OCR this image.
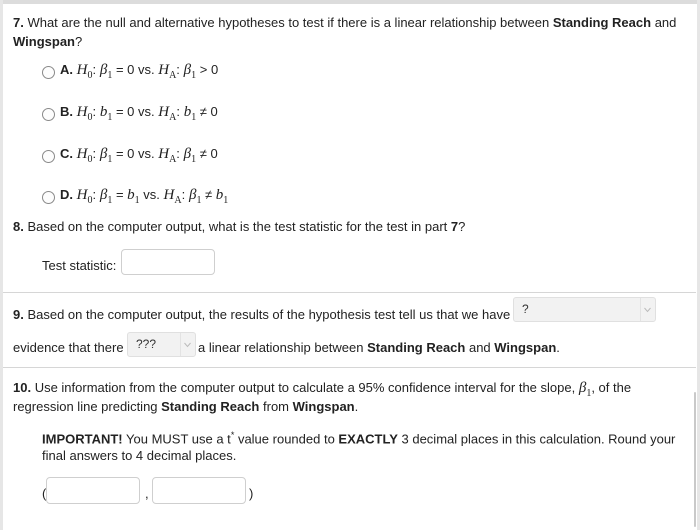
7. What are the null and alternative hypotheses to test if there is a linear relationship between Standing Reach and
Wingspan?
A. $H_0$: $\beta_1 = 0$ vs. $H_A$: $\beta_1 > 0$
B. $H_0$: $b_1 = 0$ vs. $H_A$: $b_1 \ne 0$
C. $H_0$: $\beta_1 = 0$ vs. $H_A$: $\beta_1 \ne 0$
D. $H_0$: $\beta_1 = b_1$ vs. $H_A$: $\beta_1 \ne b_1$
8. Based on the computer output, what is the test statistic for the test in part 7?
Test statistic:
9. Based on the computer output, the results of the hypothesis test tell us that we have ?
evidence that there ???	a linear relationship between Standing Reach and Wingspan.
10. Use information from the computer output to calculate a 95% confidence interval for the slope, $\beta_1$, of the
regression line predicting Standing Reach from Wingspan.
IMPORTANT! You MUST use a t* value rounded to EXACTLY 3 decimal places in this calculation. Round your
final answers to 4 decimal places.
(	,	)
